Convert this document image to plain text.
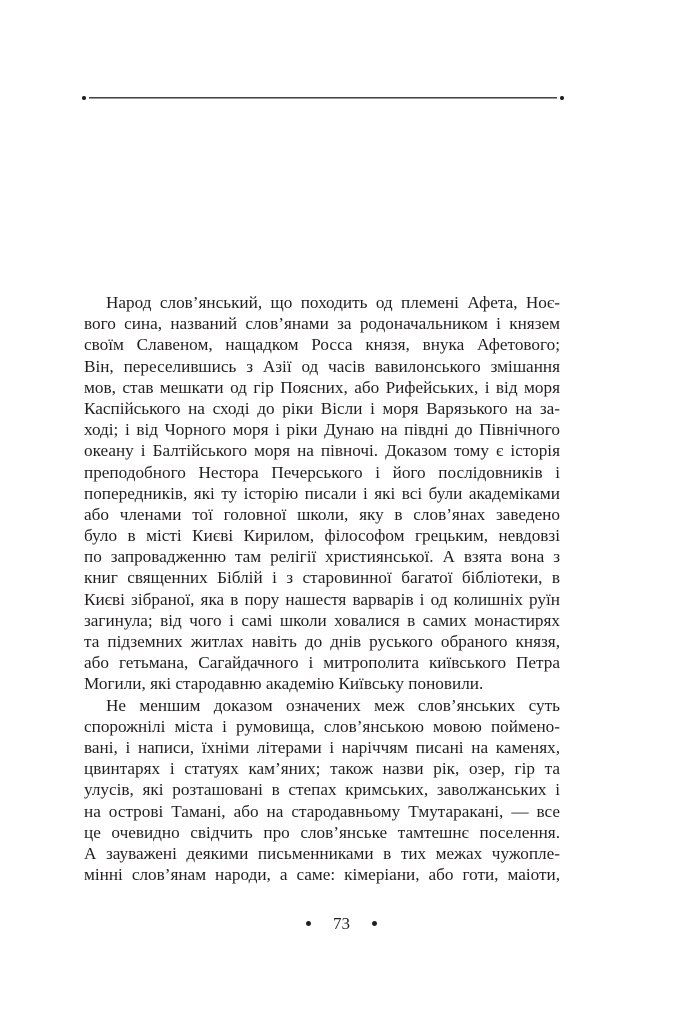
Народ слов’янський, що походить од племені Афета, Ноє-
вого сина, названий слов’янами за родоначальником і князем
своїм Славеном, нащадком Росса князя, внука Афетового;
Він, переселившись з Азії од часів вавилонського змішання
мов, став мешкати од гір Поясних, або Рифейських, і від моря
Каспійського на сході до ріки Вісли і моря Варязького на за-
ході; і від Чорного моря і ріки Дунаю на півдні до Північного
океану і Балтійського моря на півночі. Доказом тому є історія
преподобного Нестора Печерського і його послідовників і
попередників, які ту історію писали і які всі були академіками
або членами тої головної школи, яку в слов’янах заведено
було в місті Києві Кирилом, філософом грецьким, невдовзі
по запровадженню там релігії християнської. А взята вона з
книг священних Біблій і з старовинної багатої бібліотеки, в
Києві зібраної, яка в пору нашестя варварів і од колишніх руїн
загинула; від чого і самі школи ховалися в самих монастирях
та підземних житлах навіть до днів руського обраного князя,
або гетьмана, Сагайдачного і митрополита київського Петра
Могили, які стародавню академію Київську поновили.
Не меншим доказом означених меж слов’янських суть
спорожнілі міста і румовища, слов’янською мовою пойменo-
вані, і написи, їхніми літерами і наріччям писані на каменях,
цвинтарях і статуях кам’яних; також назви рік, озер, гір та
улусів, які розташовані в степах кримських, заволжанських і
на острові Тамані, або на стародавньому Тмутаракані, — все
це очевидно свідчить про слов’янське тамтешнє поселення.
А зауважені деякими письменниками в тих межах чужопле-
мінні слов’янам народи, а саме: кімеріани, або готи, маіоти,
73
